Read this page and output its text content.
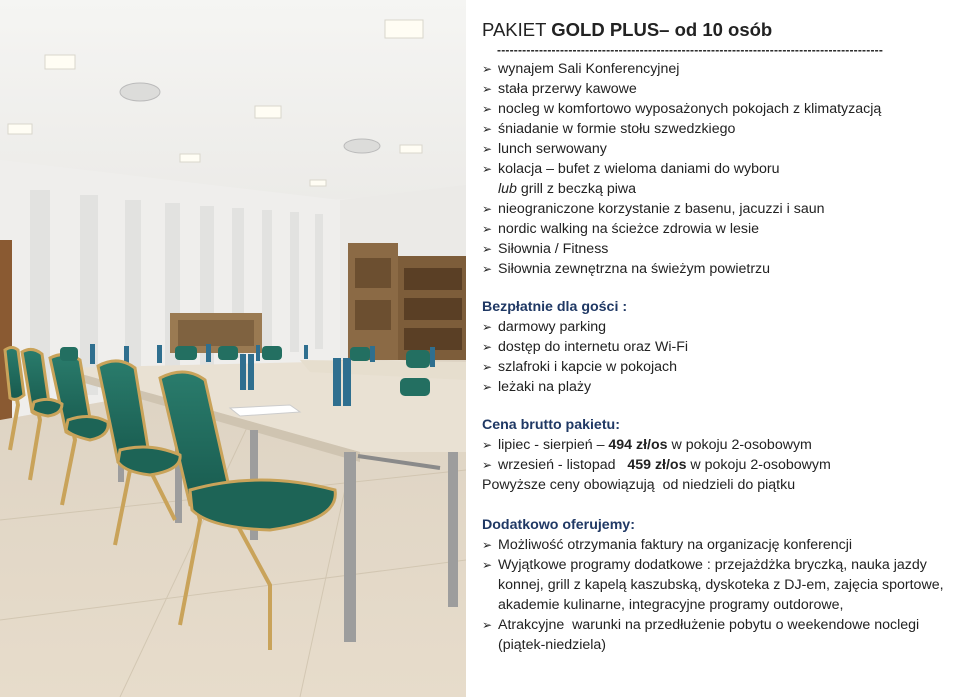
PAKIET GOLD PLUS– od 10 osób
--------------------------------------------------------------------------------------------
➢ wynajem Sali Konferencyjnej
➢ stała przerwy kawowe
➢ nocleg w komfortowo wyposażonych pokojach z klimatyzacją
➢ śniadanie w formie stołu szwedzkiego
➢ lunch serwowany
➢ kolacja – bufet z wieloma daniami do wyboru
lub grill z beczką piwa
➢ nieograniczone korzystanie z basenu, jacuzzi i saun
➢ nordic walking na ścieżce zdrowia w lesie
➢ Siłownia / Fitness
➢ Siłownia zewnętrzna na świeżym powietrzu
Bezpłatnie dla gości :
➢ darmowy parking
➢ dostęp do internetu oraz Wi-Fi
➢ szlafroki i kapcie w pokojach
➢ leżaki na plaży
Cena brutto pakietu:
➢ lipiec - sierpień – 494 zł/os w pokoju 2-osobowym
➢ wrzesień - listopad   459 zł/os w pokoju 2-osobowym
Powyższe ceny obowiązują  od niedzieli do piątku
Dodatkowo oferujemy:
➢ Możliwość otrzymania faktury na organizację konferencji
➢ Wyjątkowe programy dodatkowe : przejażdżka bryczką, nauka jazdy konnej, grill z kapelą kaszubską, dyskoteka z DJ-em, zajęcia sportowe, akademie kulinarne, integracyjne programy outdorowe,
➢ Atrakcyjne  warunki na przedłużenie pobytu o weekendowe noclegi (piątek-niedziela)
